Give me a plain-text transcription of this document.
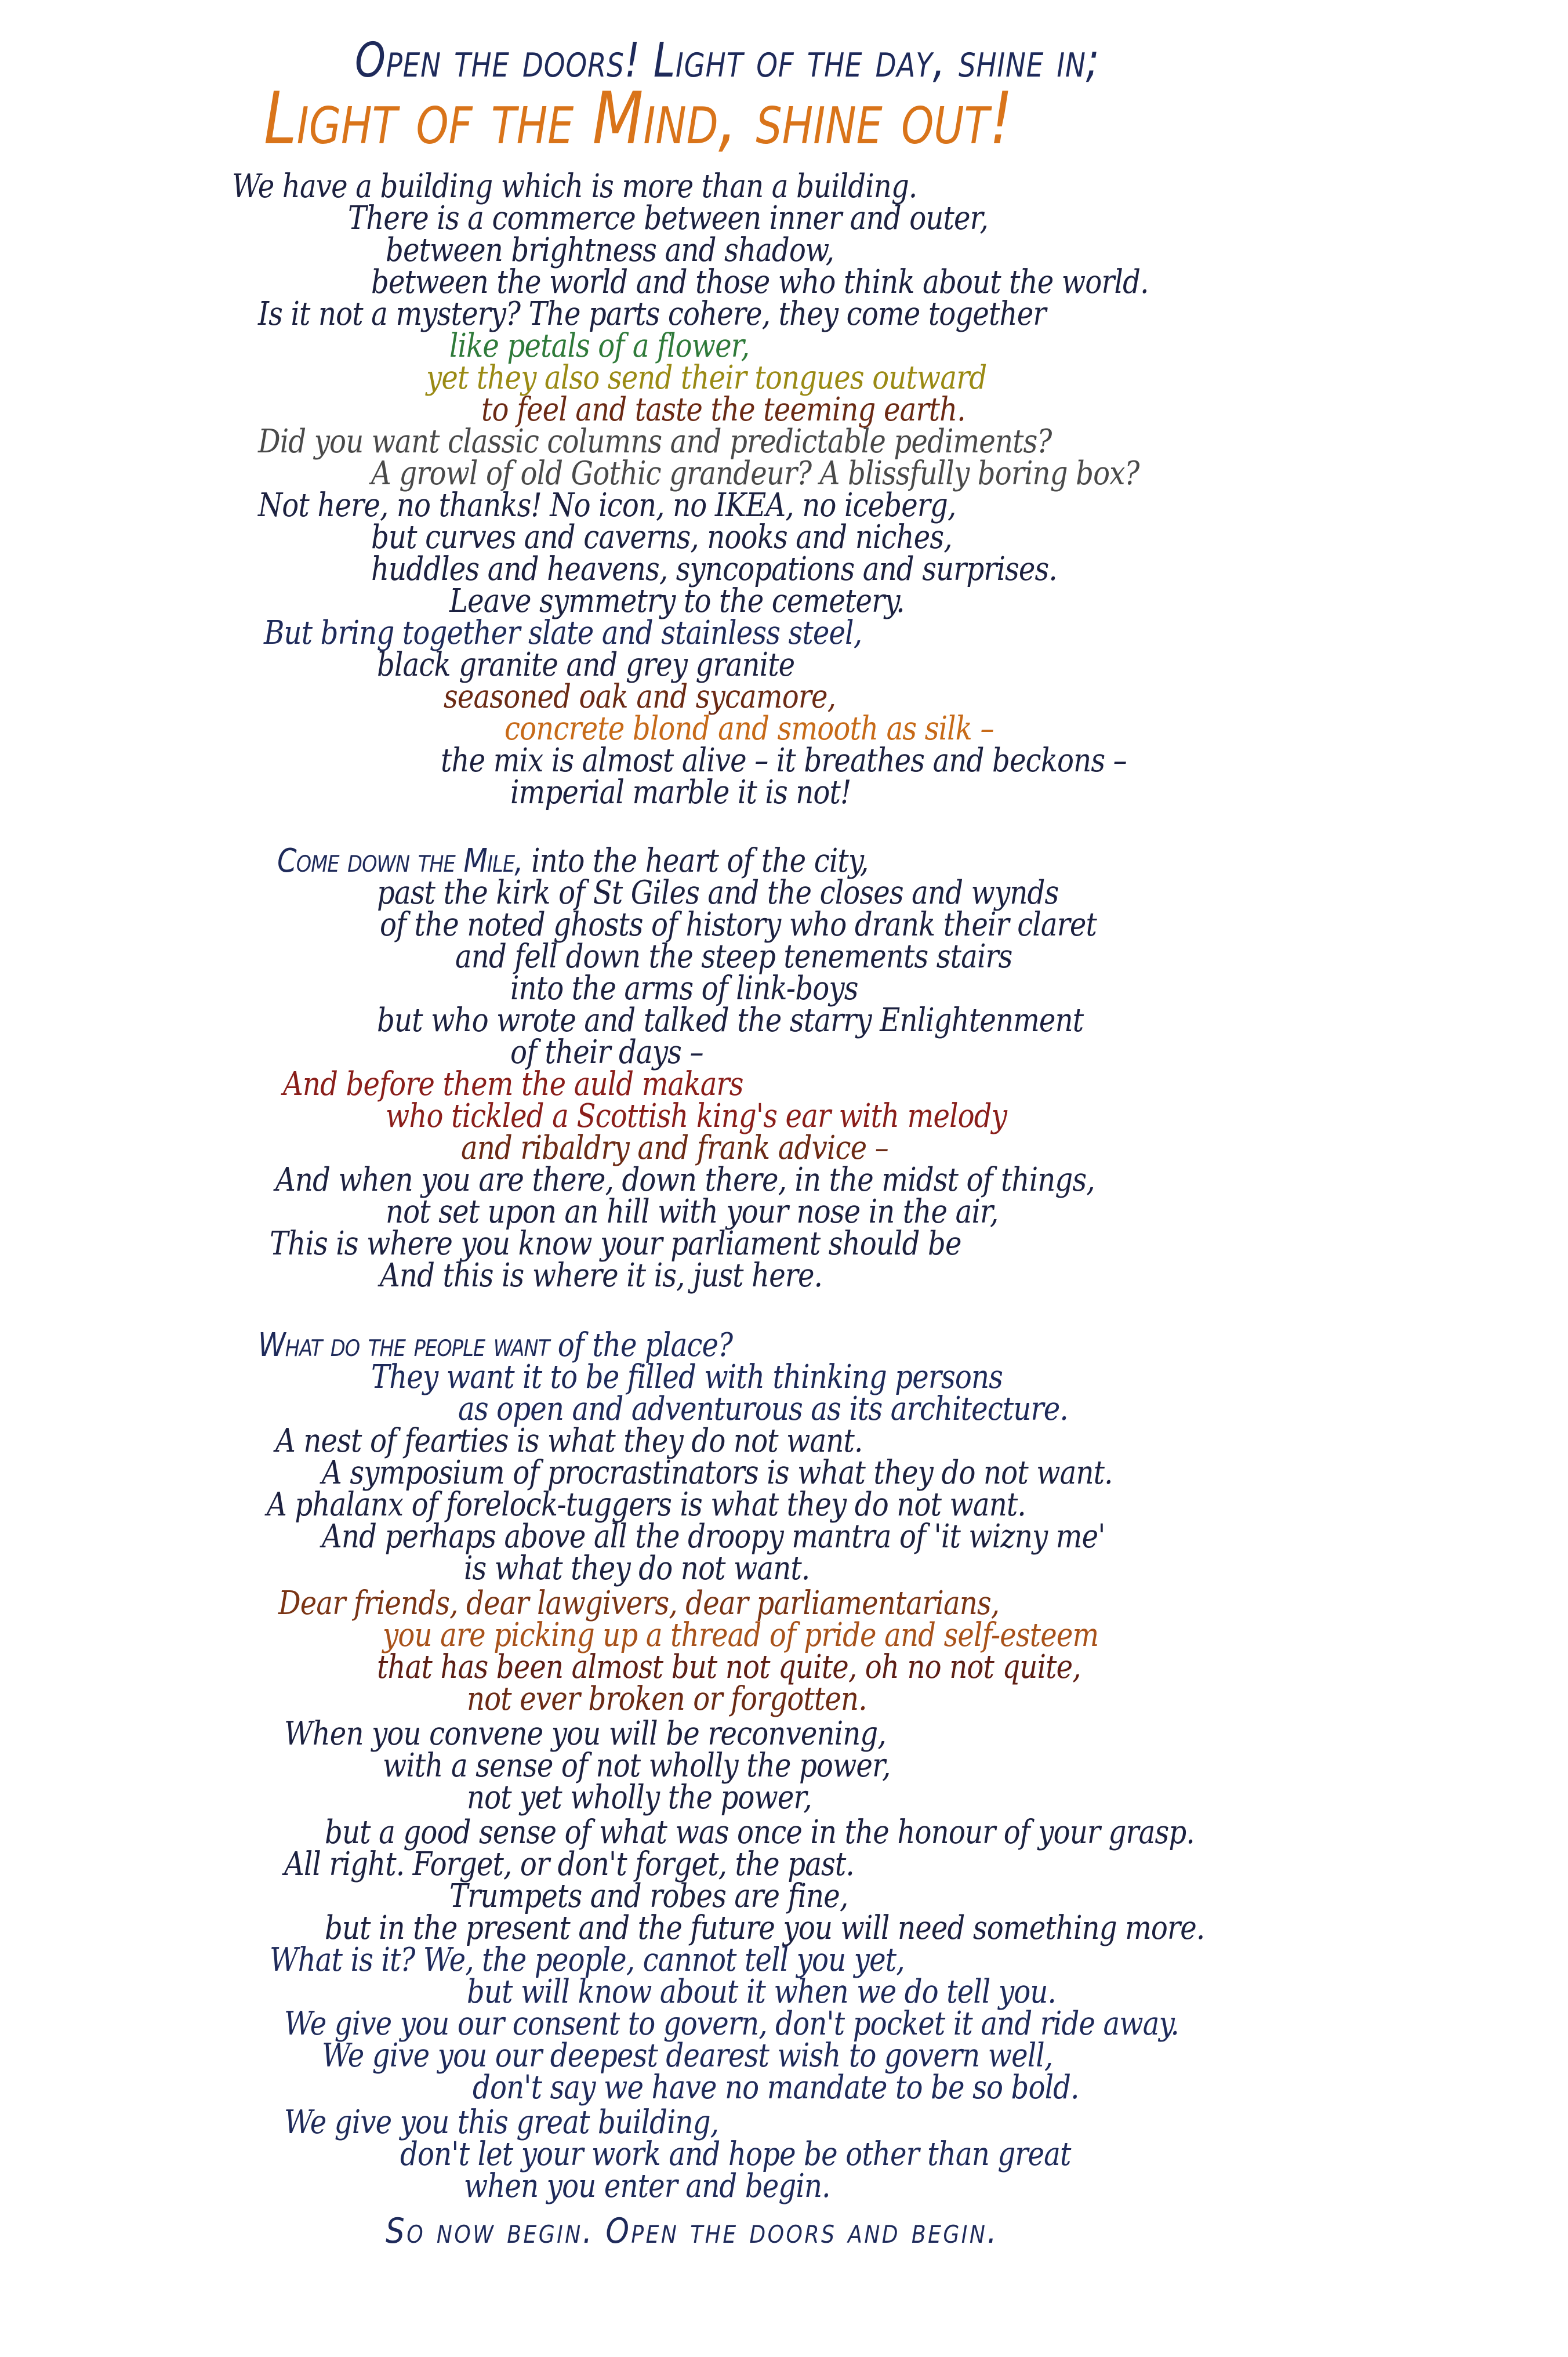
Open the doors! Light of the day, shine in;
Light of the Mind, shine out!
We have a building which is more than a building.
There is a commerce between inner and outer,
between brightness and shadow,
between the world and those who think about the world.
Is it not a mystery? The parts cohere, they come together
like petals of a flower,
yet they also send their tongues outward
to feel and taste the teeming earth.
Did you want classic columns and predictable pediments?
A growl of old Gothic grandeur? A blissfully boring box?
Not here, no thanks! No icon, no IKEA, no iceberg,
but curves and caverns, nooks and niches,
huddles and heavens, syncopations and surprises.
Leave symmetry to the cemetery.
But bring together slate and stainless steel,
black granite and grey granite
seasoned oak and sycamore,
concrete blond and smooth as silk –
the mix is almost alive – it breathes and beckons –
imperial marble it is not!
Come down the Mile, into the heart of the city,
past the kirk of St Giles and the closes and wynds
of the noted ghosts of history who drank their claret
and fell down the steep tenements stairs
into the arms of link-boys
but who wrote and talked the starry Enlightenment
of their days –
And before them the auld makars
who tickled a Scottish king's ear with melody
and ribaldry and frank advice –
And when you are there, down there, in the midst of things,
not set upon an hill with your nose in the air,
This is where you know your parliament should be
And this is where it is, just here.
What do the people want of the place?
They want it to be filled with thinking persons
as open and adventurous as its architecture.
A nest of fearties is what they do not want.
A symposium of procrastinators is what they do not want.
A phalanx of forelock-tuggers is what they do not want.
And perhaps above all the droopy mantra of 'it wizny me'
is what they do not want.
Dear friends, dear lawgivers, dear parliamentarians,
you are picking up a thread of pride and self-esteem
that has been almost but not quite, oh no not quite,
not ever broken or forgotten.
When you convene you will be reconvening,
with a sense of not wholly the power,
not yet wholly the power,
but a good sense of what was once in the honour of your grasp.
All right. Forget, or don't forget, the past.
Trumpets and robes are fine,
but in the present and the future you will need something more.
What is it? We, the people, cannot tell you yet,
but will know about it when we do tell you.
We give you our consent to govern, don't pocket it and ride away.
We give you our deepest dearest wish to govern well,
don't say we have no mandate to be so bold.
We give you this great building,
don't let your work and hope be other than great
when you enter and begin.
So now begin. Open the doors and begin.
